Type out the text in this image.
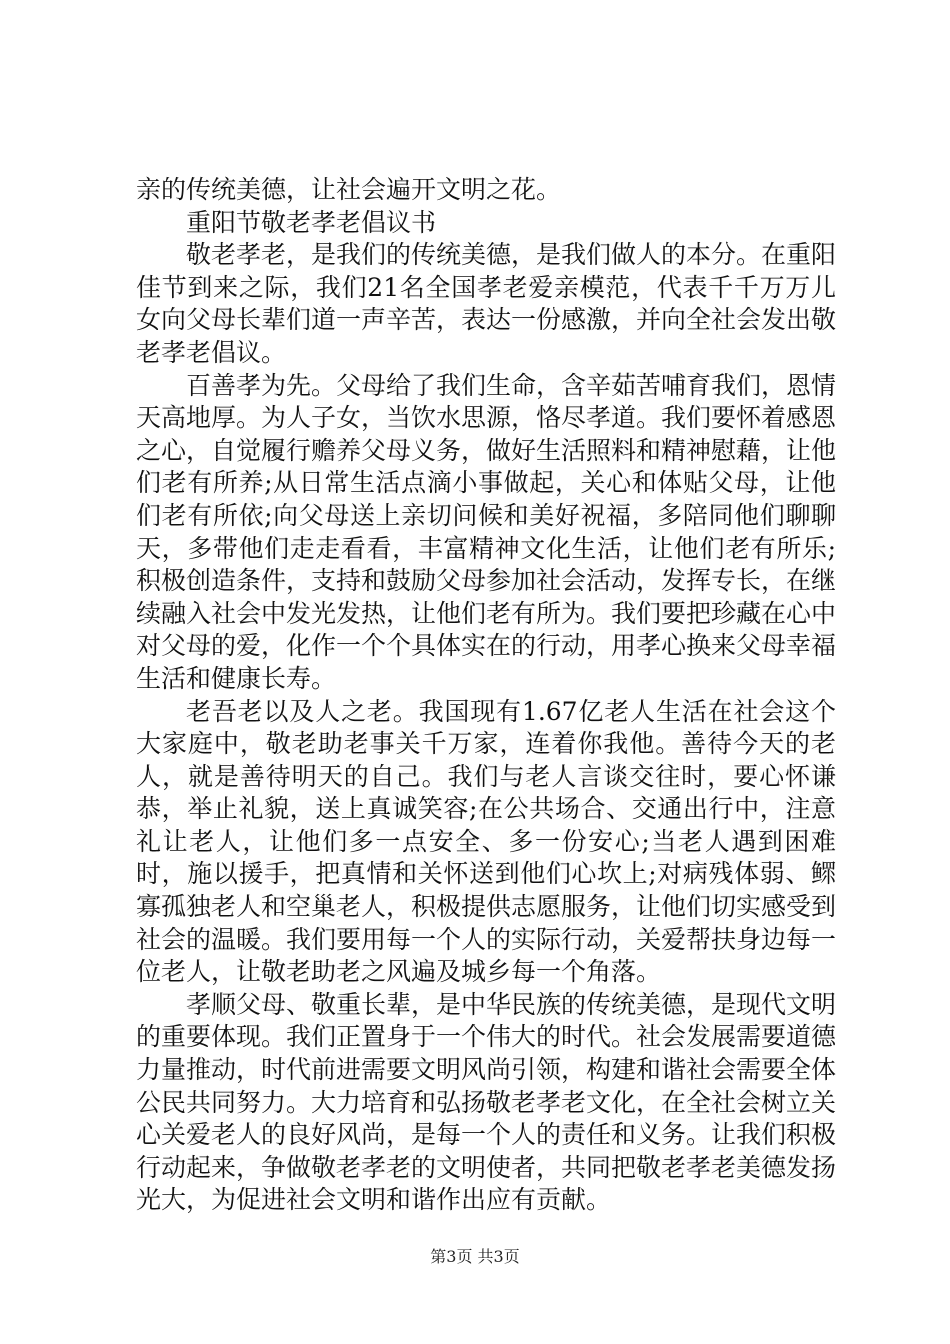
亲的传统美德，让社会遍开文明之花。

重阳节敬老孝老倡议书

敬老孝老，是我们的传统美德，是我们做人的本分。在重阳佳节到来之际，我们21名全国孝老爱亲模范，代表千千万万儿女向父母长辈们道一声辛苦，表达一份感激，并向全社会发出敬老孝老倡议。

百善孝为先。父母给了我们生命，含辛茹苦哺育我们，恩情天高地厚。为人子女，当饮水思源，恪尽孝道。我们要怀着感恩之心，自觉履行赡养父母义务，做好生活照料和精神慰藉，让他们老有所养;从日常生活点滴小事做起，关心和体贴父母，让他们老有所依;向父母送上亲切问候和美好祝福，多陪同他们聊聊天，多带他们走走看看，丰富精神文化生活，让他们老有所乐;积极创造条件，支持和鼓励父母参加社会活动，发挥专长，在继续融入社会中发光发热，让他们老有所为。我们要把珍藏在心中对父母的爱，化作一个个具体实在的行动，用孝心换来父母幸福生活和健康长寿。

老吾老以及人之老。我国现有1.67亿老人生活在社会这个大家庭中，敬老助老事关千万家，连着你我他。善待今天的老人，就是善待明天的自己。我们与老人言谈交往时，要心怀谦恭，举止礼貌，送上真诚笑容;在公共场合、交通出行中，注意礼让老人，让他们多一点安全、多一份安心;当老人遇到困难时，施以援手，把真情和关怀送到他们心坎上;对病残体弱、鳏寡孤独老人和空巢老人，积极提供志愿服务，让他们切实感受到社会的温暖。我们要用每一个人的实际行动，关爱帮扶身边每一位老人，让敬老助老之风遍及城乡每一个角落。

孝顺父母、敬重长辈，是中华民族的传统美德，是现代文明的重要体现。我们正置身于一个伟大的时代。社会发展需要道德力量推动，时代前进需要文明风尚引领，构建和谐社会需要全体公民共同努力。大力培育和弘扬敬老孝老文化，在全社会树立关心关爱老人的良好风尚，是每一个人的责任和义务。让我们积极行动起来，争做敬老孝老的文明使者，共同把敬老孝老美德发扬光大，为促进社会文明和谐作出应有贡献。

第3页 共3页
